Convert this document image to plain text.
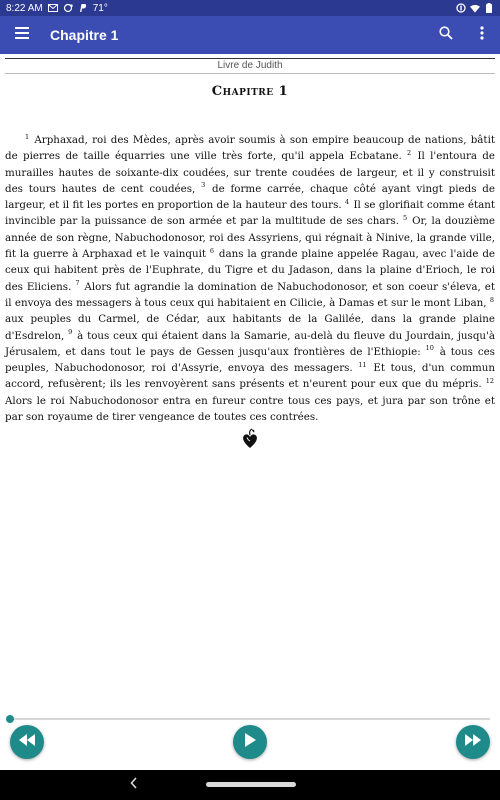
8:22 AM	71°
Chapitre 1
Livre de Judith
Chapitre 1
$^1$ Arphaxad, roi des Mèdes, après avoir soumis à son empire beaucoup de nations, bâtit de pierres de taille équarries une ville très forte, qu'il appela Ecbatane. $^2$ Il l'entoura de murailles hautes de soixante-dix coudées, sur trente coudées de largeur, et il y construisit des tours hautes de cent coudées, $^3$ de forme carrée, chaque côté ayant vingt pieds de largeur, et il fit les portes en proportion de la hauteur des tours. $^4$ Il se glorifiait comme étant invincible par la puissance de son armée et par la multitude de ses chars. $^5$ Or, la douzième année de son règne, Nabuchodonosor, roi des Assyriens, qui régnait à Ninive, la grande ville, fit la guerre à Arphaxad et le vainquit $^6$ dans la grande plaine appelée Ragau, avec l'aide de ceux qui habitent près de l'Euphrate, du Tigre et du Jadason, dans la plaine d'Erioch, le roi des Eliciens. $^7$ Alors fut agrandie la domination de Nabuchodonosor, et son coeur s'éleva, et il envoya des messagers à tous ceux qui habitaient en Cilicie, à Damas et sur le mont Liban, $^8$ aux peuples du Carmel, de Cédar, aux habitants de la Galilée, dans la grande plaine d'Esdrelon, $^9$ à tous ceux qui étaient dans la Samarie, au-delà du fleuve du Jourdain, jusqu'à Jérusalem, et dans tout le pays de Gessen jusqu'aux frontières de l'Ethiopie: $^{10}$ à tous ces peuples, Nabuchodonosor, roi d'Assyrie, envoya des messagers. $^{11}$ Et tous, d'un commun accord, refusèrent; ils les renvoyèrent sans présents et n'eurent pour eux que du mépris. $^{12}$ Alors le roi Nabuchodonosor entra en fureur contre tous ces pays, et jura par son trône et par son royaume de tirer vengeance de toutes ces contrées.
